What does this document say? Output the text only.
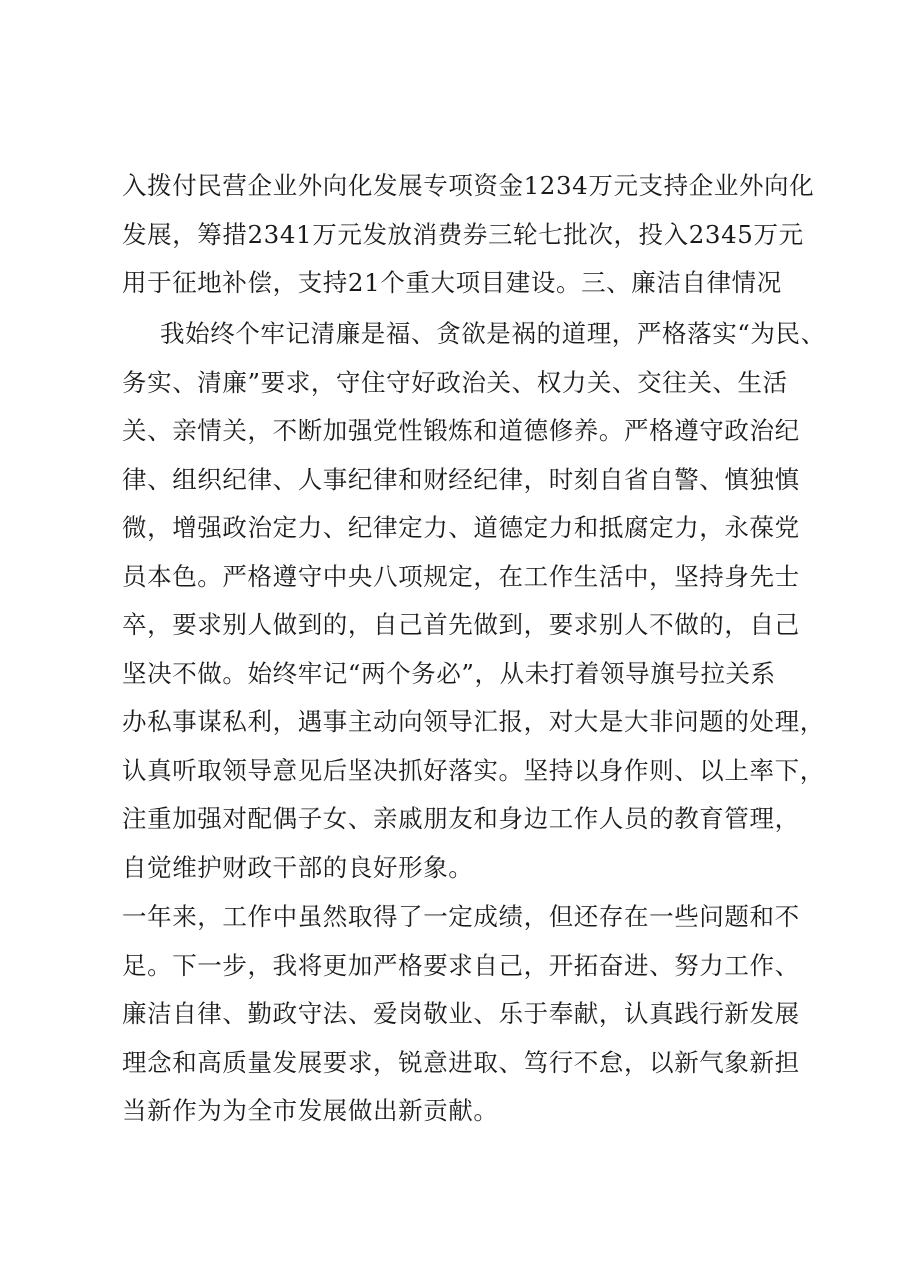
入拨付民营企业外向化发展专项资金1234万元支持企业外向化
发展，筹措2341万元发放消费券三轮七批次，投入2345万元
用于征地补偿，支持21个重大项目建设。三、廉洁自律情况
我始终个牢记清廉是福、贪欲是祸的道理，严格落实“为民、
务实、清廉”要求，守住守好政治关、权力关、交往关、生活
关、亲情关，不断加强党性锻炼和道德修养。严格遵守政治纪
律、组织纪律、人事纪律和财经纪律，时刻自省自警、慎独慎
微，增强政治定力、纪律定力、道德定力和抵腐定力，永葆党
员本色。严格遵守中央八项规定，在工作生活中，坚持身先士
卒，要求别人做到的，自己首先做到，要求别人不做的，自己
坚决不做。始终牢记“两个务必”，从未打着领导旗号拉关系
办私事谋私利，遇事主动向领导汇报，对大是大非问题的处理，
认真听取领导意见后坚决抓好落实。坚持以身作则、以上率下，
注重加强对配偶子女、亲戚朋友和身边工作人员的教育管理，
自觉维护财政干部的良好形象。
一年来，工作中虽然取得了一定成绩，但还存在一些问题和不
足。下一步，我将更加严格要求自己，开拓奋进、努力工作、
廉洁自律、勤政守法、爱岗敬业、乐于奉献，认真践行新发展
理念和高质量发展要求，锐意进取、笃行不怠，以新气象新担
当新作为为全市发展做出新贡献。
